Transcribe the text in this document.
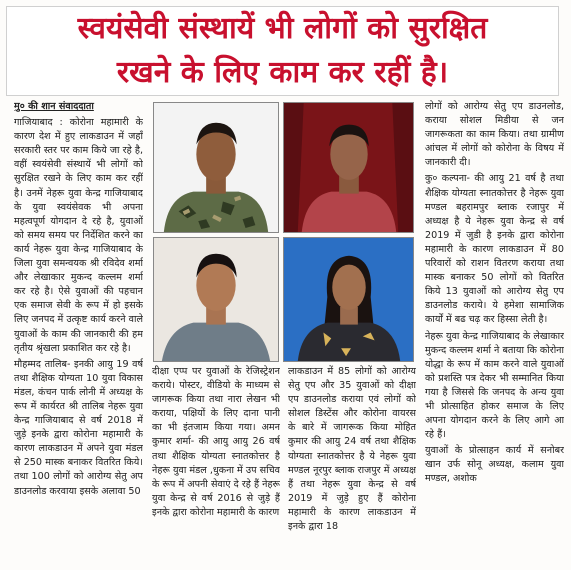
स्वयंसेवी संस्थायें भी लोगों को सुरक्षित
रखने के लिए काम कर रहीं है।

मु० की शान संवाददाता

गाजियाबाद : कोरोना महामारी के कारण देश में हुए लाकडाउन में जहाँ सरकारी स्तर पर काम किये जा रहे है, वहीं स्वयंसेवी संस्थायें भी लोगों को सुरक्षित रखने के लिए काम कर रहीं है। उनमें नेहरू युवा केन्द्र गाजियाबाद के युवा स्वयंसेवक भी अपना महत्वपूर्ण योगदान दे रहे है, युवाओं को समय समय पर निर्देशित करने का कार्य नेहरू युवा केन्द्र गाजियाबाद के जिला युवा समन्वयक श्री रविदेव शर्मा और लेखाकार मुकन्द कल्लम शर्मा कर रहे है। ऐसे युवाओं की पहचान एक समाज सेवी के रूप में हो इसके लिए जनपद में उत्कृष्ट कार्य करने वाले युवाओं के काम की जानकारी की हम तृतीय श्रृंखला प्रकाशित कर रहे है।

मौहम्मद तालिब- इनकी आयु 19 वर्ष तथा शैक्षिक योग्यता 10 युवा विकास मंडल, कंचन पार्क लोनी में अध्यक्ष के रूप में कार्यरत श्री तालिब नेहरू युवा केन्द्र गाजियाबाद से वर्ष 2018 में जुड़े इनके द्वारा कोरोना महामारी के कारण लाकडाउन में अपने युवा मंडल से 250 मास्क बनाकर वितरित किये। तथा 100 लोगों को आरोग्य सेतु अप डाउनलोड करवाया इसके अलावा 50

दीक्षा एप्प पर युवाओं के रेजिस्ट्रेशन कराये। पोस्टर, वीडियो के माध्यम से जागरूक किया तथा नारा लेखन भी कराया, पक्षियों के लिए दाना पानी का भी इंतजाम किया गया। अमन कुमार शर्मा- की आयु आयु 26 वर्ष तथा शैक्षिक योग्यता स्नातकोत्तर है नेहरू युवा मंडल ,धुकना में उप सचिव के रूप में अपनी सेवाएं दे रहे हैं नेहरू युवा केन्द्र से वर्ष 2016 से जुड़े हैं इनके द्वारा कोरोना महामारी के कारण

लाकडाउन में 85 लोगों को आरोग्य सेतु एप और 35 युवाओं को दीक्षा एप डाउनलोड कराया एवं लोगों को सोशल डिस्टेंस और कोरोना वायरस के बारे में जागरूक किया मोहित कुमार की आयु 24 वर्ष तथा शैक्षिक योग्यता स्नातकोत्तर है ये नेहरू युवा मण्डल नूरपुर ब्लाक राजपुर में अध्यक्ष हैं तथा नेहरू युवा केन्द्र से वर्ष 2019 में जुड़े हुए हैं कोरोना महामारी के कारण लाकडाउन में इनके द्वारा 18

लोगों को आरोग्य सेतु एप डाउनलोड, कराया सोशल मिडीया से जन जागरूकता का काम किया। तथा ग्रामीण आंचल में लोगों को कोरोना के विषय में जानकारी दी।

कु० कल्पना- की आयु 21 वर्ष है तथा शैक्षिक योग्यता स्नातकोत्तर है नेहरू युवा मण्डल बहरामपुर ब्लाक रजापुर में अध्यक्ष है ये नेहरू युवा केन्द्र से वर्ष 2019 में जुडी है इनके द्वारा कोरोना महामारी के कारण लाकडाउन में 80 परिवारों को राशन वितरण कराया तथा मास्क बनाकर 50 लोगों को वितरित किये 13 युवाओं को आरोग्य सेतु एप डाउनलोड कराये। ये हमेशा सामाजिक कार्यों में बढ चढ़ कर हिस्सा लेती है।

नेहरू युवा केन्द्र गाजियाबाद के लेखाकार मुकन्द कल्लम शर्मा ने बताया कि कोरोना योद्धा के रूप में काम करने वाले युवाओं को प्रशस्ति पत्र देकर भी सम्मानित किया गया है जिससे कि जनपद के अन्य युवा भी प्रोत्साहित होकर समाज के लिए अपना योगदान करने के लिए आगे आ रहे हैं।

युवाओं के प्रोत्साहन कार्य में सनोबर खान उर्फ सोनू अध्यक्ष, कलाम युवा मण्डल, अशोक
